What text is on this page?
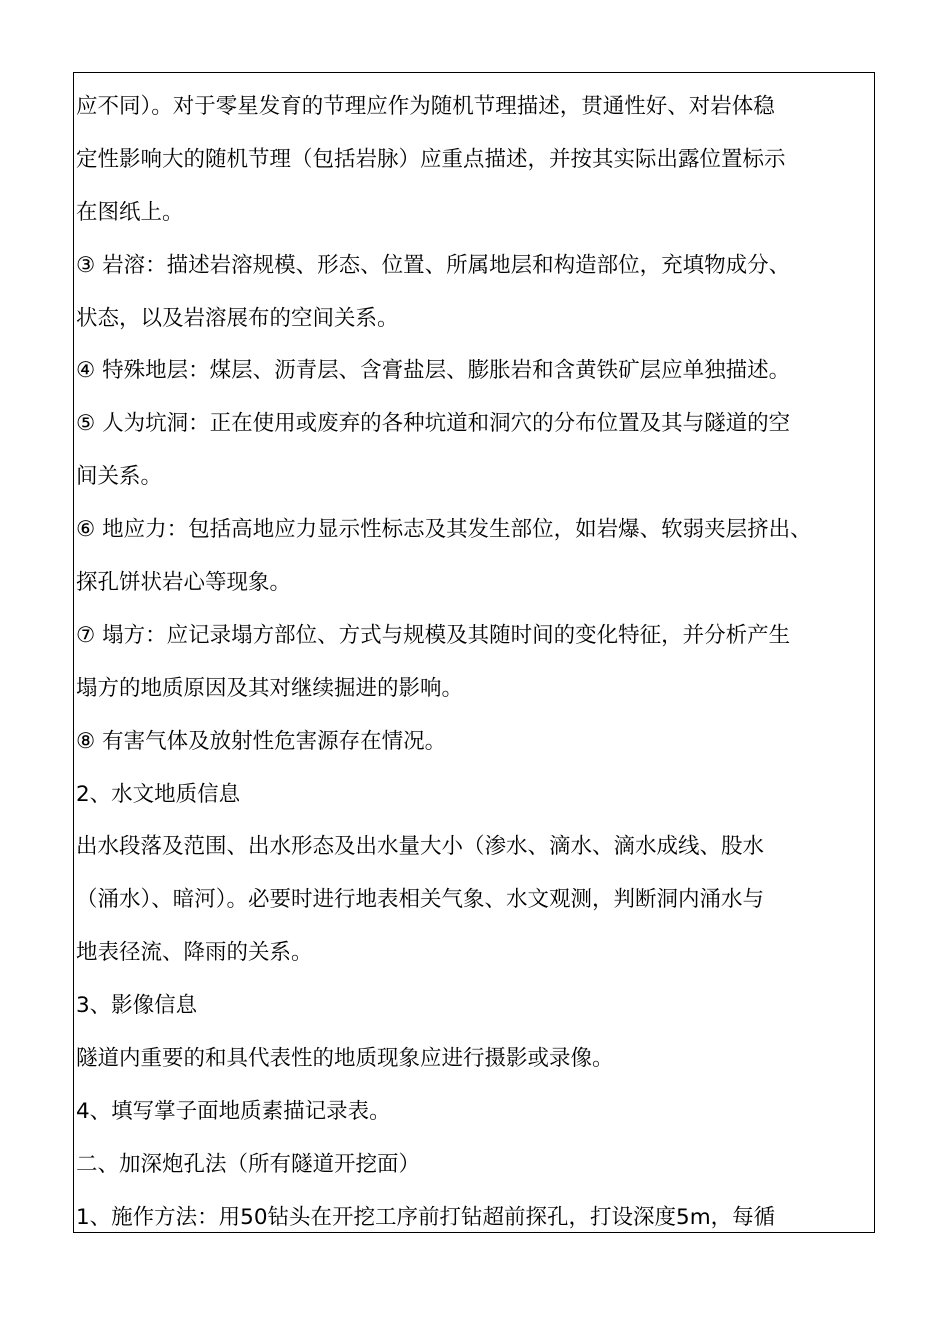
应不同）。对于零星发育的节理应作为随机节理描述，贯通性好、对岩体稳
定性影响大的随机节理（包括岩脉）应重点描述，并按其实际出露位置标示
在图纸上。
③ 岩溶：描述岩溶规模、形态、位置、所属地层和构造部位，充填物成分、
状态，以及岩溶展布的空间关系。
④ 特殊地层：煤层、沥青层、含膏盐层、膨胀岩和含黄铁矿层应单独描述。
⑤ 人为坑洞：正在使用或废弃的各种坑道和洞穴的分布位置及其与隧道的空
间关系。
⑥ 地应力：包括高地应力显示性标志及其发生部位，如岩爆、软弱夹层挤出、
探孔饼状岩心等现象。
⑦ 塌方：应记录塌方部位、方式与规模及其随时间的变化特征，并分析产生
塌方的地质原因及其对继续掘进的影响。
⑧ 有害气体及放射性危害源存在情况。
2、水文地质信息
出水段落及范围、出水形态及出水量大小（渗水、滴水、滴水成线、股水
（涌水）、暗河）。必要时进行地表相关气象、水文观测，判断洞内涌水与
地表径流、降雨的关系。
3、影像信息
隧道内重要的和具代表性的地质现象应进行摄影或录像。
4、填写掌子面地质素描记录表。
二、加深炮孔法（所有隧道开挖面）
1、施作方法：用50钻头在开挖工序前打钻超前探孔，打设深度5m，每循
